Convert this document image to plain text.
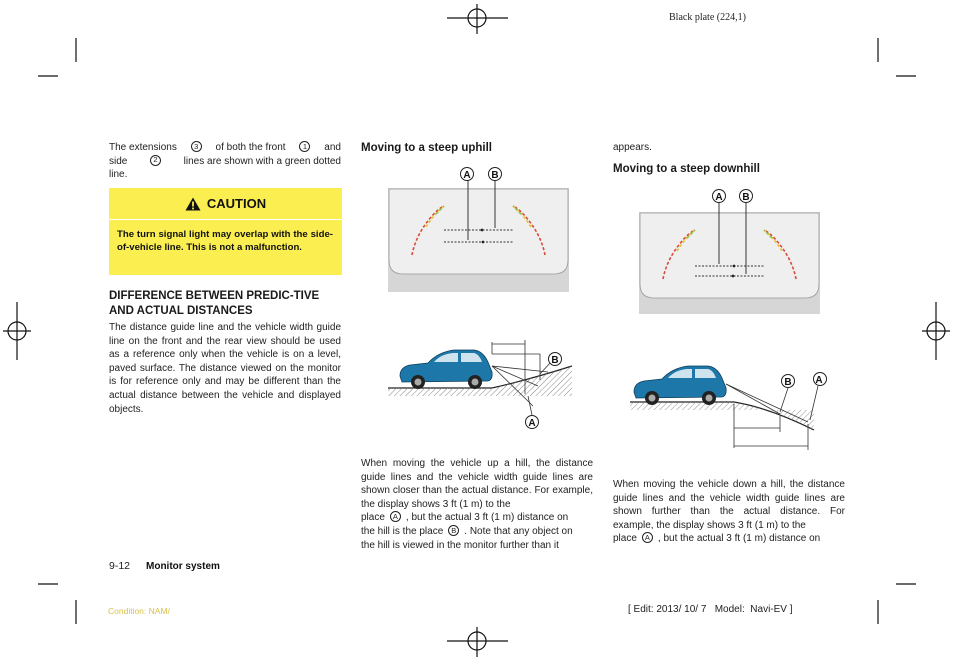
Black plate (224,1)
The extensions	3	of both the front	1	and
side	2	lines are shown with a green dotted
line.
CAUTION
The turn signal light may overlap with the side-of-vehicle line. This is not a malfunction.
DIFFERENCE BETWEEN PREDIC-TIVE AND ACTUAL DISTANCES
The distance guide line and the vehicle width guide line on the front and the rear view should be used as a reference only when the vehicle is on a level, paved surface. The distance viewed on the monitor is for reference only and may be different than the actual distance between the vehicle and displayed objects.
9-12 Monitor system
Condition: NAM/
Moving to a steep uphill
A B
B
A
When moving the vehicle up a hill, the distance guide lines and the vehicle width guide lines are shown closer than the actual distance. For example, the display shows 3 ft (1 m) to the
place	A , but the actual 3 ft (1 m) distance on
the hill is the place	B . Note that any object on
the hill is viewed in the monitor further than it
appears.
Moving to a steep downhill
A B
B A
When moving the vehicle down a hill, the distance guide lines and the vehicle width guide lines are shown further than the actual distance. For example, the display shows 3 ft (1 m) to the
place	A , but the actual 3 ft (1 m) distance on
[ Edit: 2013/ 10/ 7   Model:  Navi-EV ]
